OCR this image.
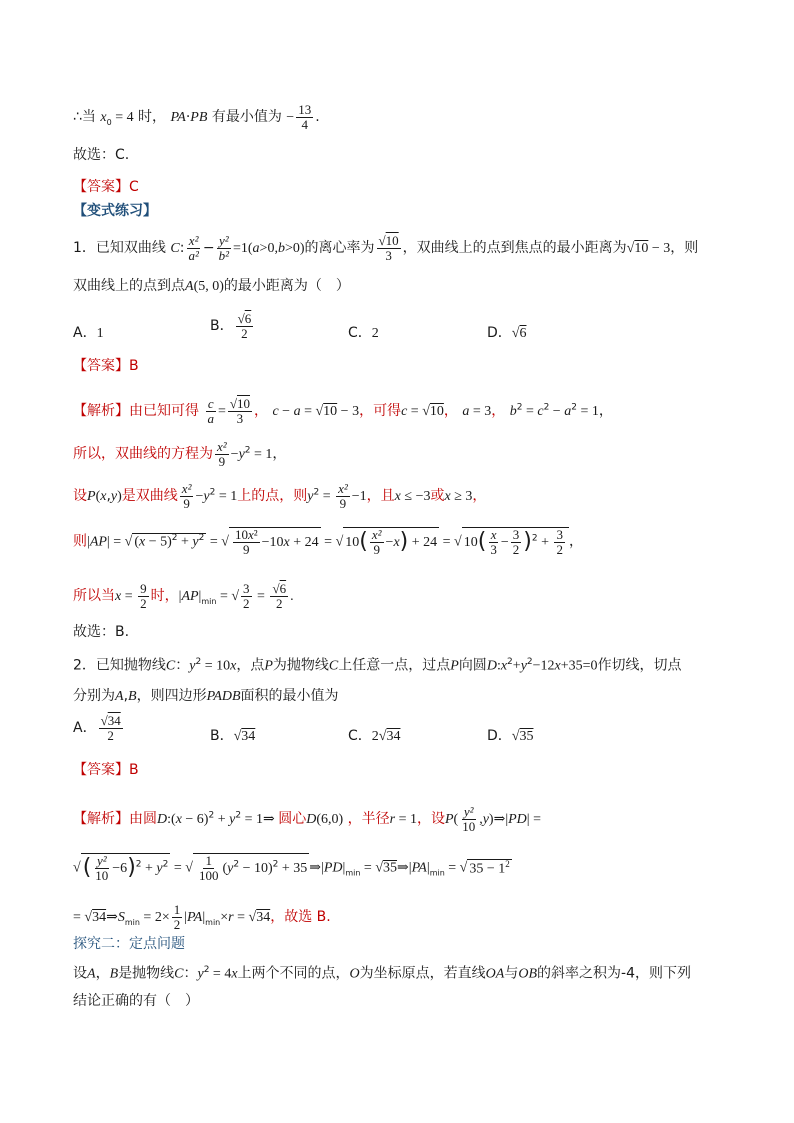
∴当 $x_0 = 4$ 时， PA·PB 有最小值为 − $\frac{13}{4}$ .
故选：C.
【答案】C
【变式练习】
1．已知双曲线 C: $\frac{\text{x²}}{\text{a²}} - \frac{\text{y²}}{\text{b²}} =1(a>0,b>0)$的离心率为 $\frac{√10}{3}$ ，双曲线上的点到焦点的最小距离为√10 − 3，则
双曲线上的点到点A(5, 0)的最小距离为（　）
A．1	B． $\frac{√6}{2}$	C．2	D．√6
【答案】B
【解析】由已知可得 $\frac{c}{a} = \frac{√10}{3}$ ， c − a = √10 − 3，可得c = √10， a = 3， $b^2 = c^2 - a^2 = 1$，
所以，双曲线的方程为 $\frac{\text{x²}}{9} -y^2 = 1$，
设P(x,y)是双曲线 $\frac{\text{x²}}{9} -y^2 = 1$上的点，则$y^2 = \frac{\text{x²}}{9} -1$，且x ≤ −3或x ≥ 3，
则|AP| = √ $(x - 5)^2 + y^2$ = √ $\frac{\text{10x²}}{9} -10x + 24$ = √ $10( \frac{\text{x²}}{9} -x) + 24$ = √ $10( \frac{x}{3} - \frac{3}{2} )^2 + \frac{3}{2}$ ，
所以当$x = \frac{9}{2}$ 时，$|AP|_{min}$ = √ $\frac{3}{2} = \frac{√6}{2}$ .
故选：B.
2．已知抛物线C：$y^2 = 10x$，点P为抛物线C上任意一点，过点P向圆$D:x^2+y^2-12x+35=0$作切线，切点
分别为A,B，则四边形PADB面积的最小值为
A． $\frac{√34}{2}$	B．√34	C．2√34	D．√35
【答案】B
【解析】由圆D:(x − $6)^2 + y^2$ = 1⇒ 圆心D(6,0) ，半径r = 1，设$P( \frac{\text{y²}}{10}$ ,y)⇒|PD| =
√( $\frac{\text{y²}}{10} -6)^2 + y^2$ = √ $\frac{1}{100} (y^2 - 10)^2 + 35$ $\Rightarrow|PD|_{min}$ = $√35\Rightarrow|PA|_{min}$ = √ $35 - 1^2$
= $√34\Rightarrow S_{min} = 2\times \frac{1}{2} |PA|_{min}\times r = √34$，故选 B.
探究二：定点问题
设A，B是抛物线C：$y^2 = 4x$上两个不同的点，O为坐标原点，若直线OA与OB的斜率之积为-4，则下列
结论正确的有（　）
